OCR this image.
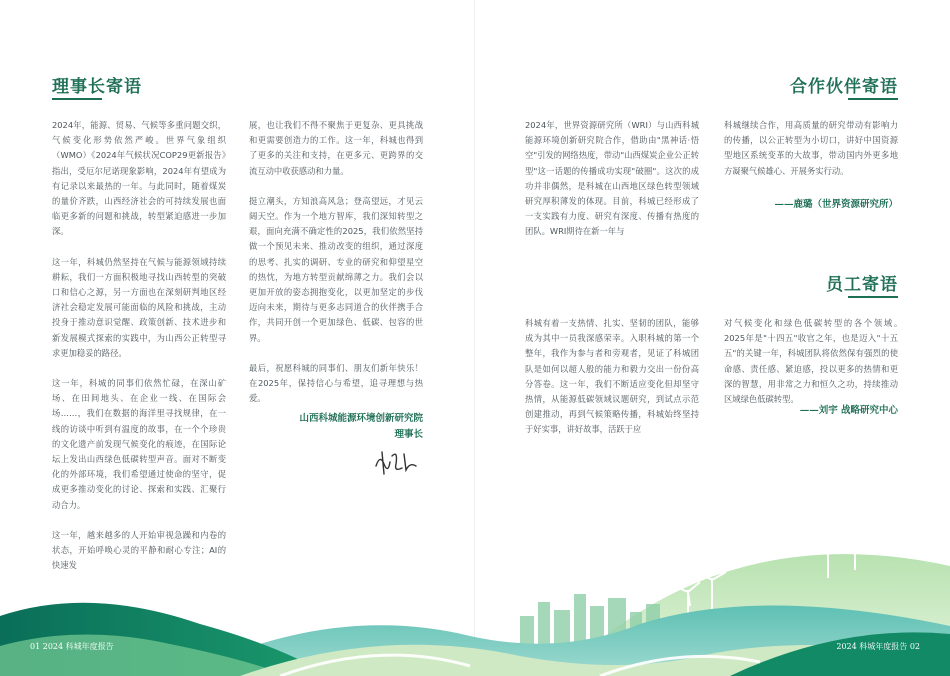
理事长寄语

2024年，能源、贸易、气候等多重问题交织，气候变化形势依然严峻。世界气象组织（WMO）《2024年气候状况COP29更新报告》指出，受厄尔尼诺现象影响，2024年有望成为有记录以来最热的一年。与此同时，随着煤炭的量价齐跌，山西经济社会的可持续发展也面临更多新的问题和挑战，转型紧迫感进一步加深。

这一年，科城仍然坚持在气候与能源领域持续耕耘，我们一方面积极地寻找山西转型的突破口和信心之源，另一方面也在深刻研判地区经济社会稳定发展可能面临的风险和挑战，主动投身于推动意识觉醒、政策创新、技术进步和新发展模式探索的实践中，为山西公正转型寻求更加稳妥的路径。

这一年，科城的同事们依然忙碌，在深山矿场、在田间地头、在企业一线、在国际会场……，我们在数据的海洋里寻找规律，在一线的访谈中听到有温度的故事，在一个个珍贵的文化遗产前发现气候变化的痕迹，在国际论坛上发出山西绿色低碳转型声音。面对不断变化的外部环境，我们希望通过使命的坚守，促成更多推动变化的讨论、探索和实践、汇聚行动合力。

这一年，越来越多的人开始审视急躁和内卷的状态，开始呼唤心灵的平静和耐心专注；AI的快速发

展，也让我们不得不聚焦于更复杂、更具挑战和更需要创造力的工作。这一年，科城也得到了更多的关注和支持，在更多元、更跨界的交流互动中收获感动和力量。

挺立潮头，方知浪高风急；登高望远，才见云阔天空。作为一个地方智库，我们深知转型之艰，面向充满不确定性的2025，我们依然坚持做一个预见未来、推动改变的组织，通过深度的思考、扎实的调研、专业的研究和仰望星空的热忱，为地方转型贡献绵薄之力。我们会以更加开放的姿态拥抱变化，以更加坚定的步伐迈向未来，期待与更多志同道合的伙伴携手合作，共同开创一个更加绿色、低碳、包容的世界。

最后，祝愿科城的同事们、朋友们新年快乐！在2025年，保持信心与希望，追寻理想与热爱。

山西科城能源环境创新研究院
理事长
合作伙伴寄语

2024年，世界资源研究所（WRI）与山西科城能源环境创新研究院合作，借助由"黑神话·悟空"引发的网络热度，带动"山西煤炭企业公正转型"这一话题的传播成功实现"破圈"。这次的成功并非偶然，是科城在山西地区绿色转型领域研究厚积薄发的体现。目前，科城已经形成了一支实践有力度、研究有深度、传播有热度的团队。WRI期待在新一年与

科城继续合作，用高质量的研究带动有影响力的传播，以公正转型为小切口，讲好中国资源型地区系统变革的大故事，带动国内外更多地方凝聚气候雄心、开展务实行动。

——鹿璐（世界资源研究所）
员工寄语

科城有着一支热情、扎实、坚韧的团队，能够成为其中一员我深感荣幸。入职科城的第一个整年，我作为参与者和旁观者，见证了科城团队是如何以超人般的能力和毅力交出一份份高分答卷。这一年，我们不断适应变化但却坚守热情，从能源低碳领域议题研究，到试点示范创建推动，再到气候策略传播，科城始终坚持于好实事，讲好故事，活跃于应

对气候变化和绿色低碳转型的各个领域。　2025年是"十四五"收官之年，也是迈入"十五五"的关键一年，科城团队将依然保有强烈的使命感、责任感、紧迫感，投以更多的热情和更深的智慧，用非常之力和恒久之功，持续推动区域绿色低碳转型。

——刘宇 战略研究中心
01 2024 科城年度报告	2024 科城年度报告 02
